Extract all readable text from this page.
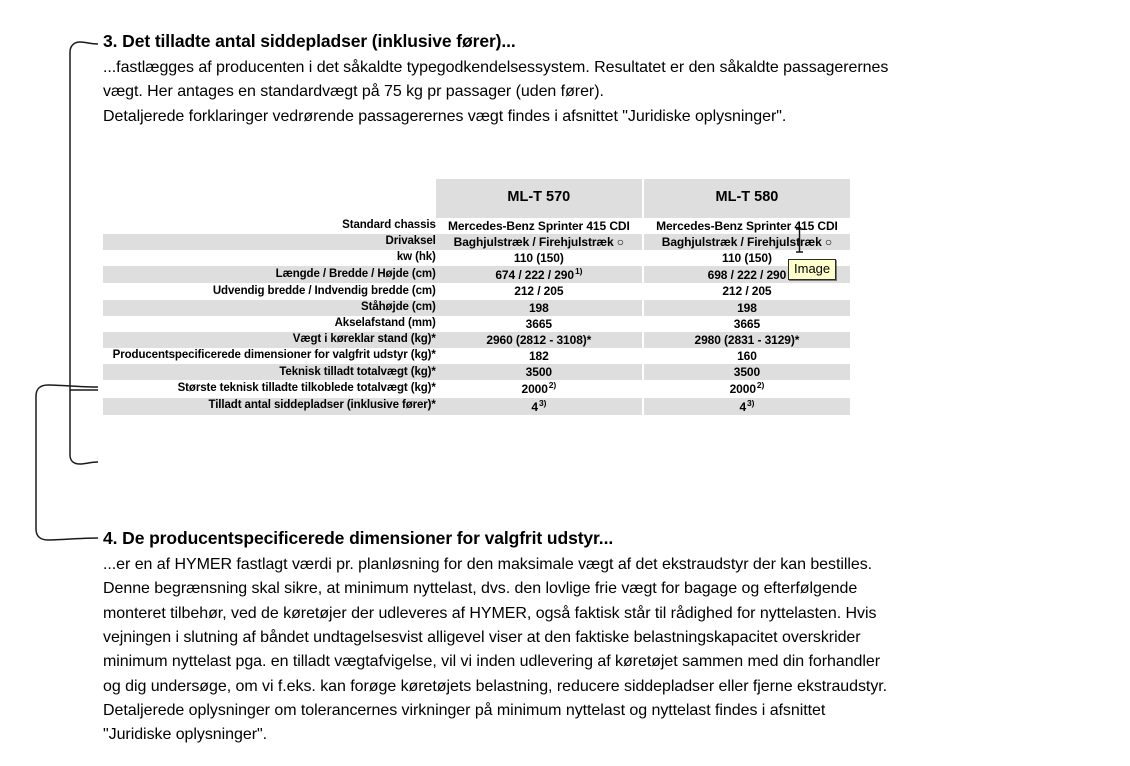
3. Det tilladte antal siddepladser (inklusive fører)...
...fastlægges af producenten i det såkaldte typegodkendelsessystem. Resultatet er den såkaldte passagerernes
vægt. Her antages en standardvægt på 75 kg pr passager (uden fører).
Detaljerede forklaringer vedrørende passagerernes vægt findes i afsnittet "Juridiske oplysninger".
	ML-T 570		ML-T 580
Standard chassis	Mercedes-Benz Sprinter 415 CDI		Mercedes-Benz Sprinter 415 CDI
Drivaksel	Baghjulstræk / Firehjulstræk ○		Baghjulstræk / Firehjulstræk ○
kw (hk)	110 (150)		110 (150)
Længde / Bredde / Højde (cm)	674 / 222 / 290$^{1)}$		698 / 222 / 290
Udvendig bredde / Indvendig bredde (cm)	212 / 205		212 / 205
Ståhøjde (cm)	198		198
Akselafstand (mm)	3665		3665
Vægt i køreklar stand (kg)*	2960 (2812 - 3108)*		2980 (2831 - 3129)*
Producentspecificerede dimensioner for valgfrit udstyr (kg)*	182		160
Teknisk tilladt totalvægt (kg)*	3500		3500
Største teknisk tilladte tilkoblede totalvægt (kg)*	2000$^{2)}$		2000$^{2)}$
Tilladt antal siddepladser (inklusive fører)*	4$^{3)}$		4$^{3)}$
4. De producentspecificerede dimensioner for valgfrit udstyr...
...er en af HYMER fastlagt værdi pr. planløsning for den maksimale vægt af det ekstraudstyr der kan bestilles.
Denne begrænsning skal sikre, at minimum nyttelast, dvs. den lovlige frie vægt for bagage og efterfølgende
monteret tilbehør, ved de køretøjer der udleveres af HYMER, også faktisk står til rådighed for nyttelasten. Hvis
vejningen i slutning af båndet undtagelsesvist alligevel viser at den faktiske belastningskapacitet overskrider
minimum nyttelast pga. en tilladt vægtafvigelse, vil vi inden udlevering af køretøjet sammen med din forhandler
og dig undersøge, om vi f.eks. kan forøge køretøjets belastning, reducere siddepladser eller fjerne ekstraudstyr.
Detaljerede oplysninger om tolerancernes virkninger på minimum nyttelast og nyttelast findes i afsnittet
"Juridiske oplysninger".
Image
